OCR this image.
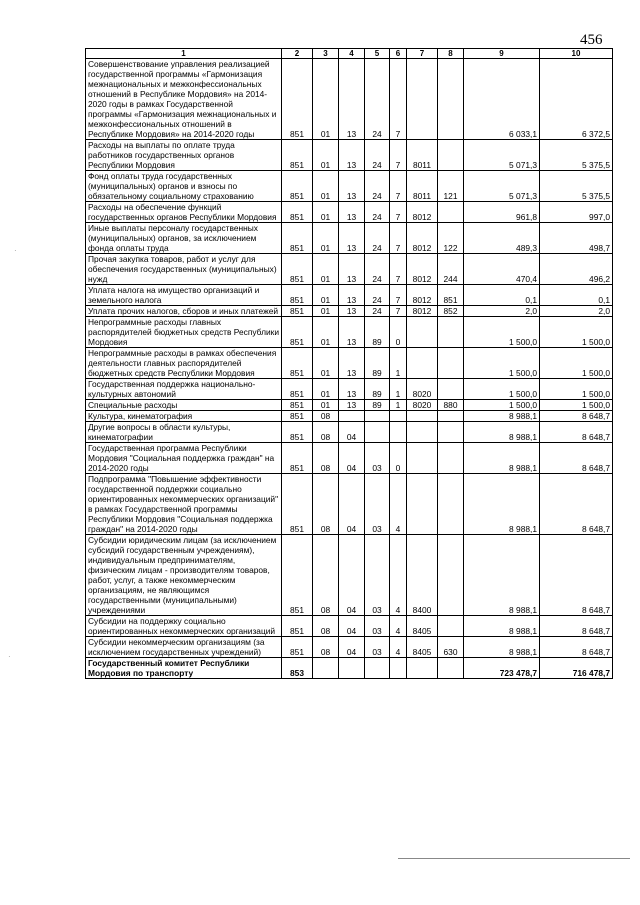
456
1	2	3	4	5	6	7	8	9	10
Совершенствование управления реализацией государственной программы «Гармонизация межнациональных и межконфессиональных отношений в Республике Мордовия» на 2014-2020 годы в рамках Государственной программы «Гармонизация межнациональных и межконфессиональных отношений в Республике Мордовия» на 2014-2020 годы	851	01	13	24	7			6 033,1	6 372,5
Расходы на выплаты по оплате труда работников государственных органов Республики Мордовия	851	01	13	24	7	8011		5 071,3	5 375,5
Фонд оплаты труда государственных (муниципальных) органов и взносы по обязательному социальному страхованию	851	01	13	24	7	8011	121	5 071,3	5 375,5
Расходы на обеспечение функций государственных органов Республики Мордовия	851	01	13	24	7	8012		961,8	997,0
Иные выплаты персоналу государственных (муниципальных) органов, за исключением фонда оплаты труда	851	01	13	24	7	8012	122	489,3	498,7
Прочая закупка товаров, работ и услуг для обеспечения государственных (муниципальных) нужд	851	01	13	24	7	8012	244	470,4	496,2
Уплата налога на имущество организаций и земельного налога	851	01	13	24	7	8012	851	0,1	0,1
Уплата прочих налогов, сборов и иных платежей	851	01	13	24	7	8012	852	2,0	2,0
Непрограммные расходы главных распорядителей бюджетных средств Республики Мордовия	851	01	13	89	0			1 500,0	1 500,0
Непрограммные расходы в рамках обеспечения деятельности главных распорядителей бюджетных средств Республики Мордовия	851	01	13	89	1			1 500,0	1 500,0
Государственная поддержка национально-культурных автономий	851	01	13	89	1	8020		1 500,0	1 500,0
Специальные расходы	851	01	13	89	1	8020	880	1 500,0	1 500,0
Культура, кинематография	851	08						8 988,1	8 648,7
Другие вопросы в области культуры, кинематографии	851	08	04					8 988,1	8 648,7
Государственная программа Республики Мордовия "Социальная поддержка граждан" на 2014-2020 годы	851	08	04	03	0			8 988,1	8 648,7
Подпрограмма "Повышение эффективности государственной поддержки социально ориентированных некоммерческих организаций" в рамках Государственной программы Республики Мордовия "Социальная поддержка граждан" на 2014-2020 годы	851	08	04	03	4			8 988,1	8 648,7
Субсидии юридическим лицам (за исключением субсидий государственным учреждениям), индивидуальным предпринимателям, физическим лицам - производителям товаров, работ, услуг, а также некоммерческим организациям, не являющимся государственными (муниципальными) учреждениями	851	08	04	03	4	8400		8 988,1	8 648,7
Субсидии на поддержку социально ориентированных некоммерческих организаций	851	08	04	03	4	8405		8 988,1	8 648,7
Субсидии некоммерческим организациям (за исключением государственных учреждений)	851	08	04	03	4	8405	630	8 988,1	8 648,7
Государственный комитет Республики Мордовия по транспорту	853							723 478,7	716 478,7
·
·
